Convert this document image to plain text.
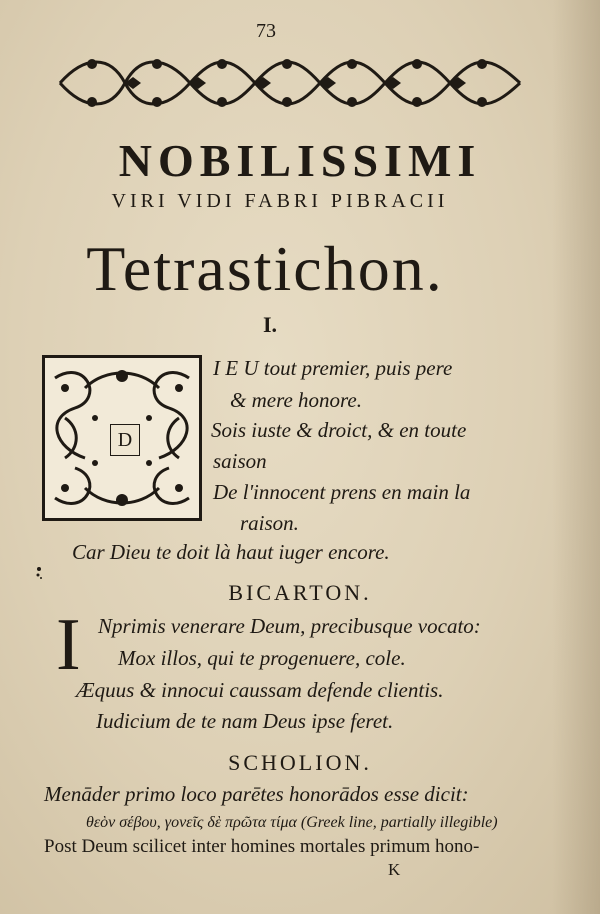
73
NOBILISSIMI
VIRI VIDI FABRI PIBRACII
Tetrastichon.
I.
D
I E U tout premier, puis pere
& mere honore.
Sois iuste & droict, & en toute
saison
De l'innocent prens en main la
raison.
Car Dieu te doit là haut iuger encore.
BICARTON.
I Nprimis venerare Deum, precibusque vocato:
Mox illos, qui te progenuere, cole.
Æquus & innocui caussam defende clientis.
Iudicium de te nam Deus ipse feret.
SCHOLION.
Menāder primo loco parētes honorādos esse dicit:
θεὸν σέβου, γονεῖς δὲ πρῶτα τίμα (Greek line, partially illegible)
Post Deum scilicet inter homines mortales primum hono-
K
